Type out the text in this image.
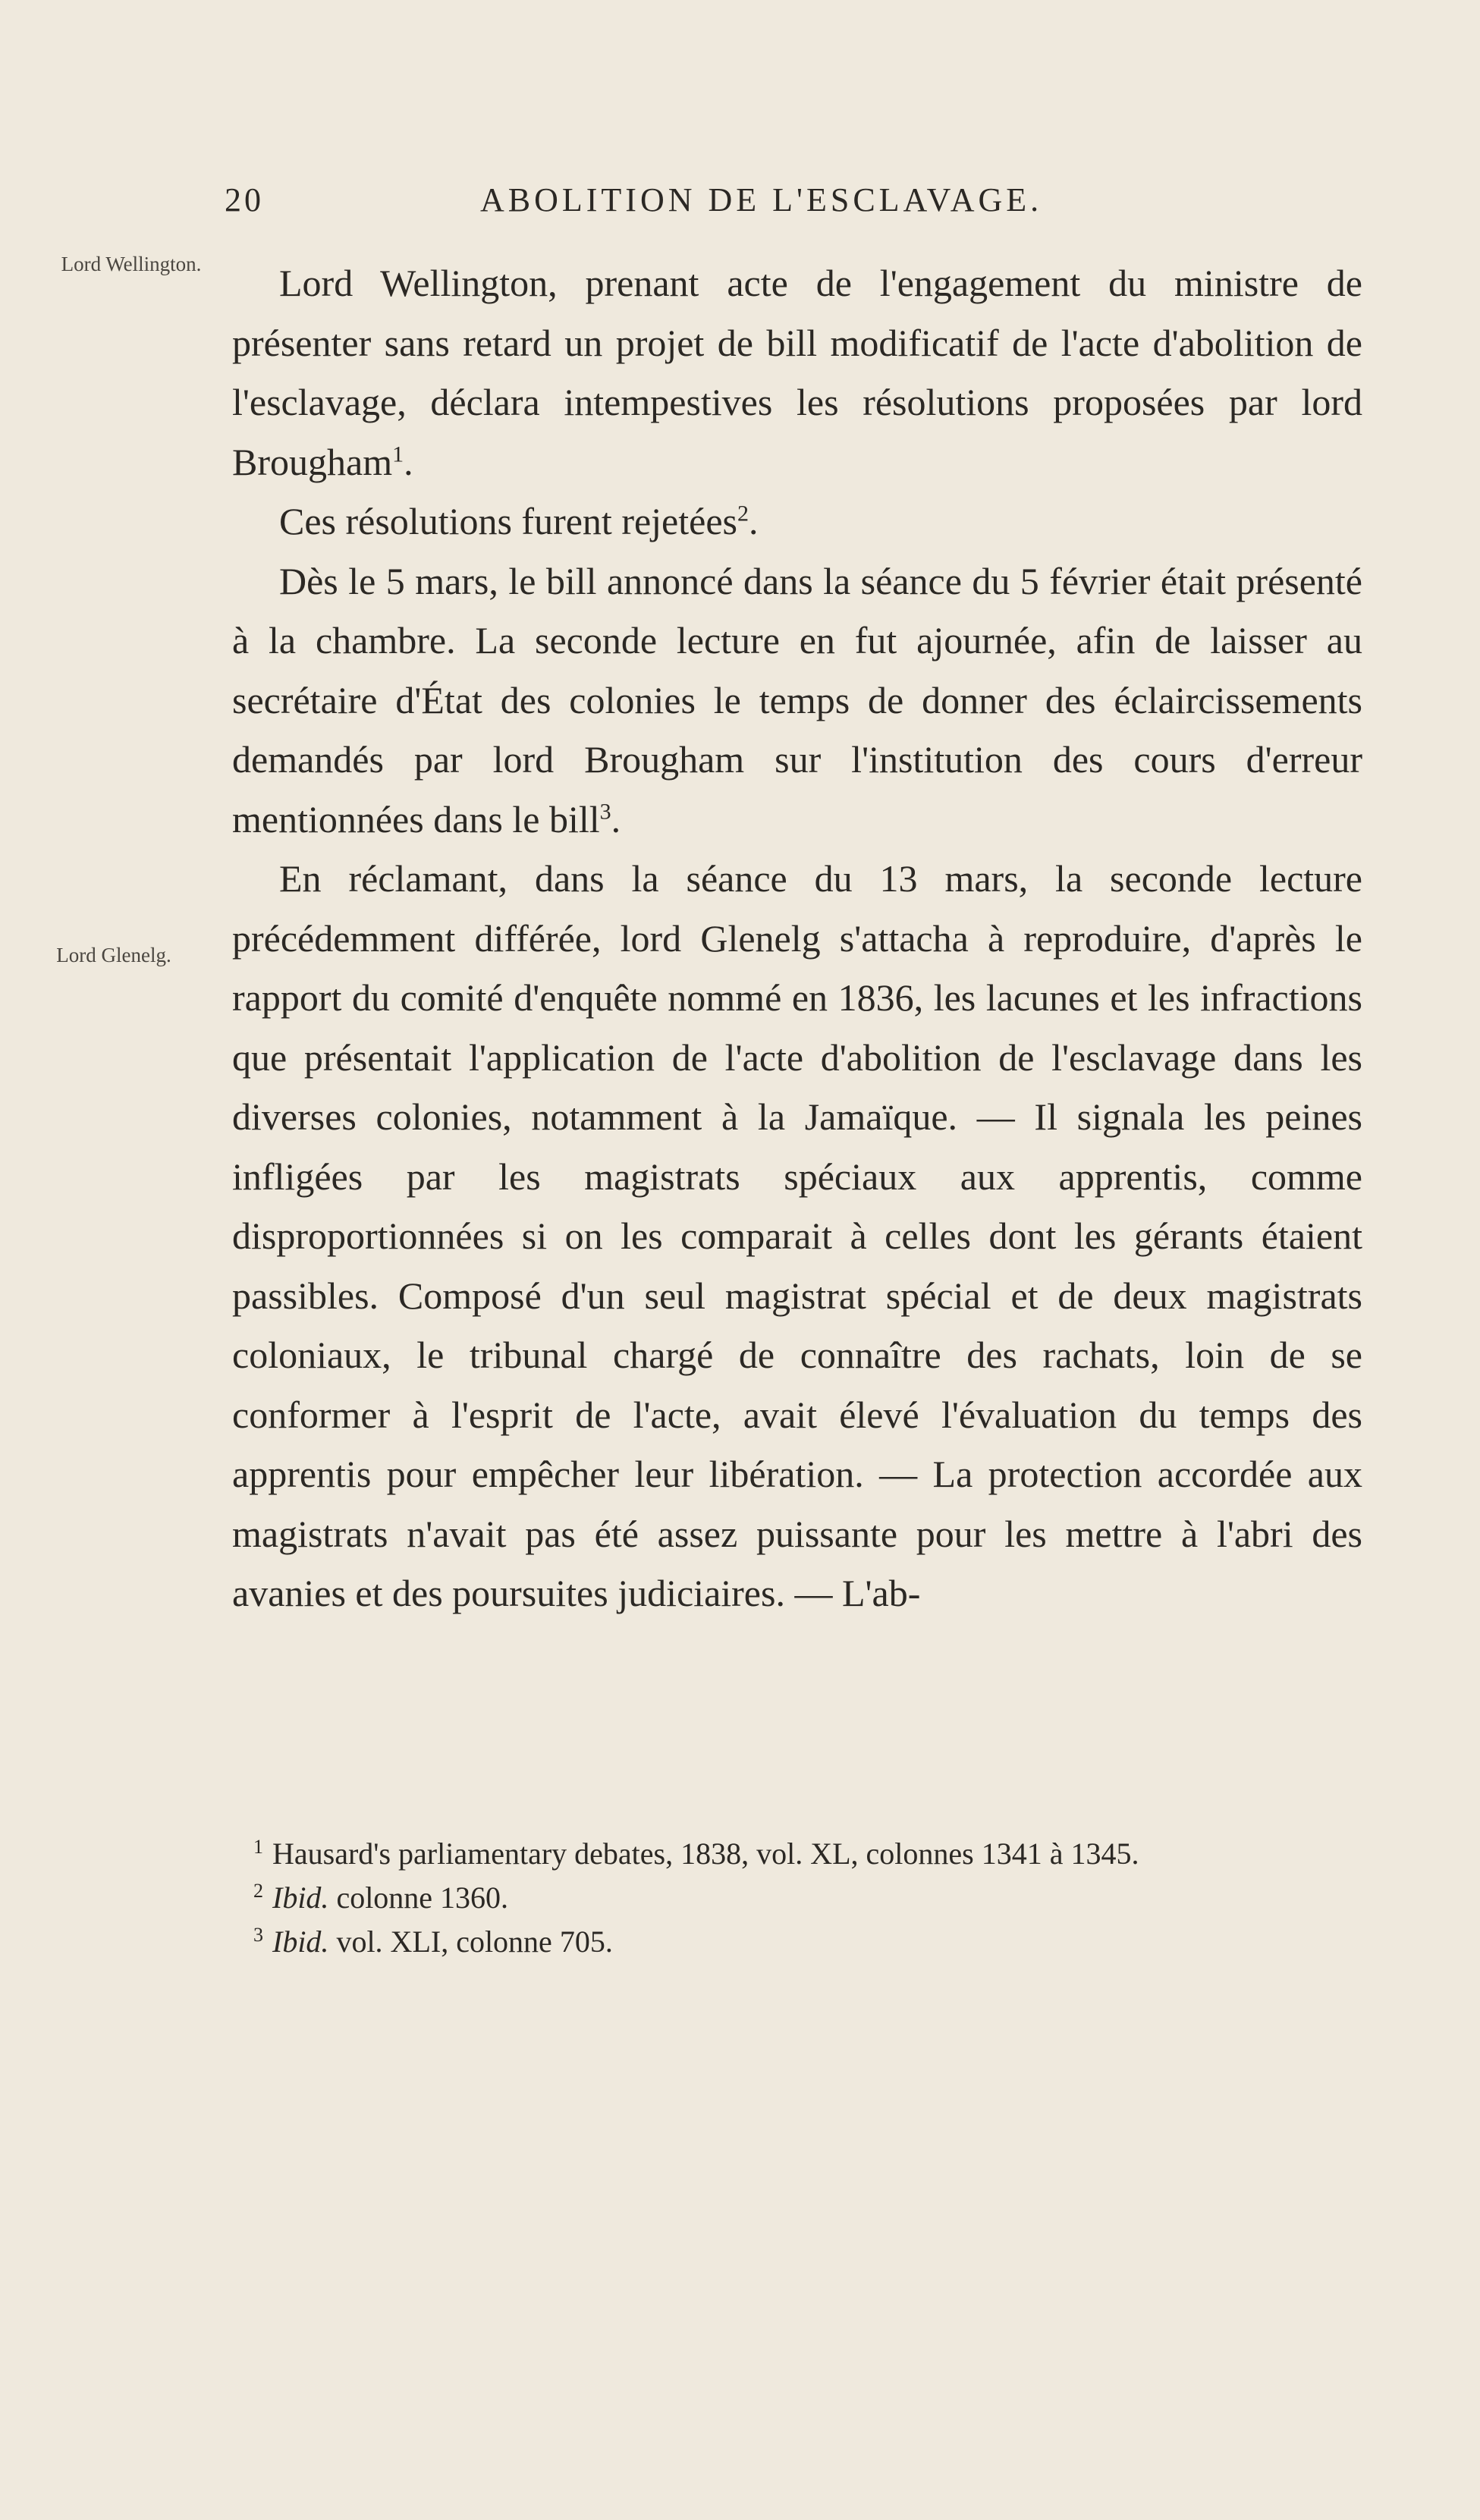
20	ABOLITION DE L'ESCLAVAGE.
Lord Wellington.
Lord Glenelg.

Lord Wellington, prenant acte de l'engagement du ministre de présenter sans retard un projet de bill modificatif de l'acte d'abolition de l'esclavage, déclara intempestives les résolutions proposées par lord Brougham$^1$.

Ces résolutions furent rejetées$^2$.

Dès le 5 mars, le bill annoncé dans la séance du 5 février était présenté à la chambre. La seconde lecture en fut ajournée, afin de laisser au secrétaire d'État des colonies le temps de donner des éclaircissements demandés par lord Brougham sur l'institution des cours d'erreur mentionnées dans le bill$^3$.

En réclamant, dans la séance du 13 mars, la seconde lecture précédemment différée, lord Glenelg s'attacha à reproduire, d'après le rapport du comité d'enquête nommé en 1836, les lacunes et les infractions que présentait l'application de l'acte d'abolition de l'esclavage dans les diverses colonies, notamment à la Jamaïque. — Il signala les peines infligées par les magistrats spéciaux aux apprentis, comme disproportionnées si on les comparait à celles dont les gérants étaient passibles. Composé d'un seul magistrat spécial et de deux magistrats coloniaux, le tribunal chargé de connaître des rachats, loin de se conformer à l'esprit de l'acte, avait élevé l'évaluation du temps des apprentis pour empêcher leur libération. — La protection accordée aux magistrats n'avait pas été assez puissante pour les mettre à l'abri des avanies et des poursuites judiciaires. — L'ab-

$^1$ Hausard's parliamentary debates, 1838, vol. XL, colonnes 1341 à 1345.

$^2$ Ibid. colonne 1360.

$^3$ Ibid. vol. XLI, colonne 705.
